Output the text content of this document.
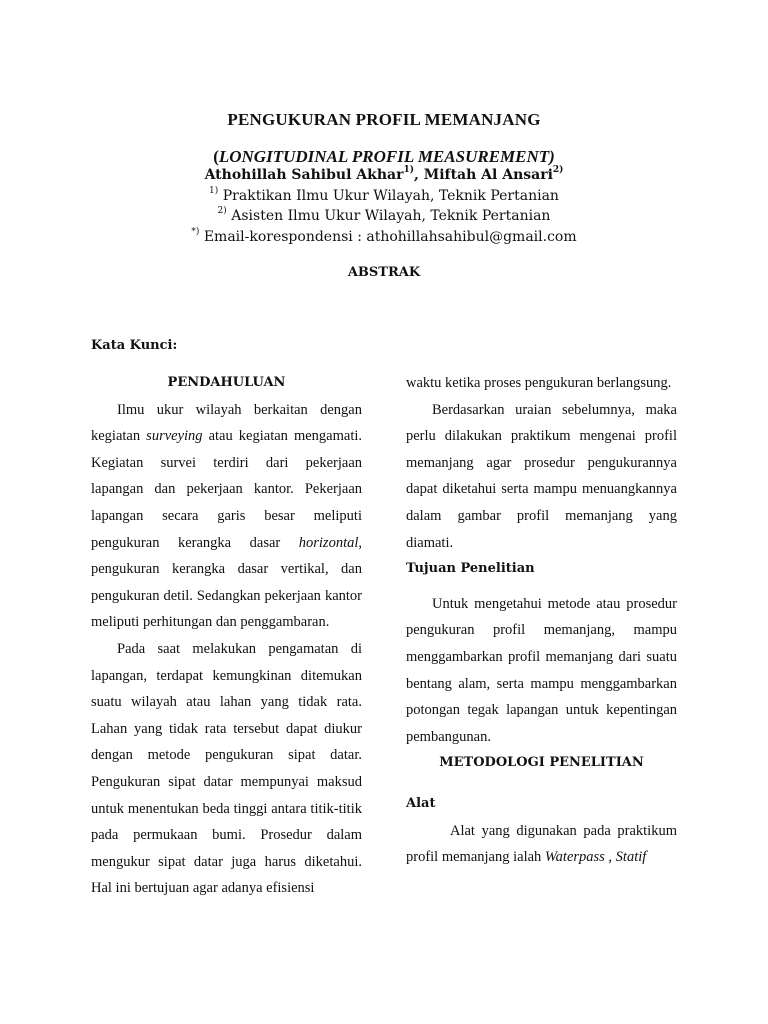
PENGUKURAN PROFIL MEMANJANG
(LONGITUDINAL PROFIL MEASUREMENT)
Athohillah Sahibul Akhar$^{1)}$, Miftah Al Ansari$^{2)}$
$^{1)}$ Praktikan Ilmu Ukur Wilayah, Teknik Pertanian
$^{2)}$ Asisten Ilmu Ukur Wilayah, Teknik Pertanian
*) Email-korespondensi : athohillahsahibul@gmail.com
ABSTRAK
Kata Kunci:
PENDAHULUAN

Ilmu ukur wilayah berkaitan dengan kegiatan surveying atau kegiatan mengamati. Kegiatan survei terdiri dari pekerjaan lapangan dan pekerjaan kantor. Pekerjaan lapangan secara garis besar meliputi pengukuran kerangka dasar horizontal, pengukuran kerangka dasar vertikal, dan pengukuran detil. Sedangkan pekerjaan kantor meliputi perhitungan dan penggambaran.

Pada saat melakukan pengamatan di lapangan, terdapat kemungkinan ditemukan suatu wilayah atau lahan yang tidak rata. Lahan yang tidak rata tersebut dapat diukur dengan metode pengukuran sipat datar. Pengukuran sipat datar mempunyai maksud untuk menentukan beda tinggi antara titik-titik pada permukaan bumi. Prosedur dalam mengukur sipat datar juga harus diketahui. Hal ini bertujuan agar adanya efisiensi

waktu ketika proses pengukuran berlangsung.

Berdasarkan uraian sebelumnya, maka perlu dilakukan praktikum mengenai profil memanjang agar prosedur pengukurannya dapat diketahui serta mampu menuangkannya dalam gambar profil memanjang yang diamati.

Tujuan Penelitian

Untuk mengetahui metode atau prosedur pengukuran profil memanjang, mampu menggambarkan profil memanjang dari suatu bentang alam, serta mampu menggambarkan potongan tegak lapangan untuk kepentingan pembangunan.

METODOLOGI PENELITIAN
Alat

Alat yang digunakan pada praktikum profil memanjang ialah Waterpass , Statif
